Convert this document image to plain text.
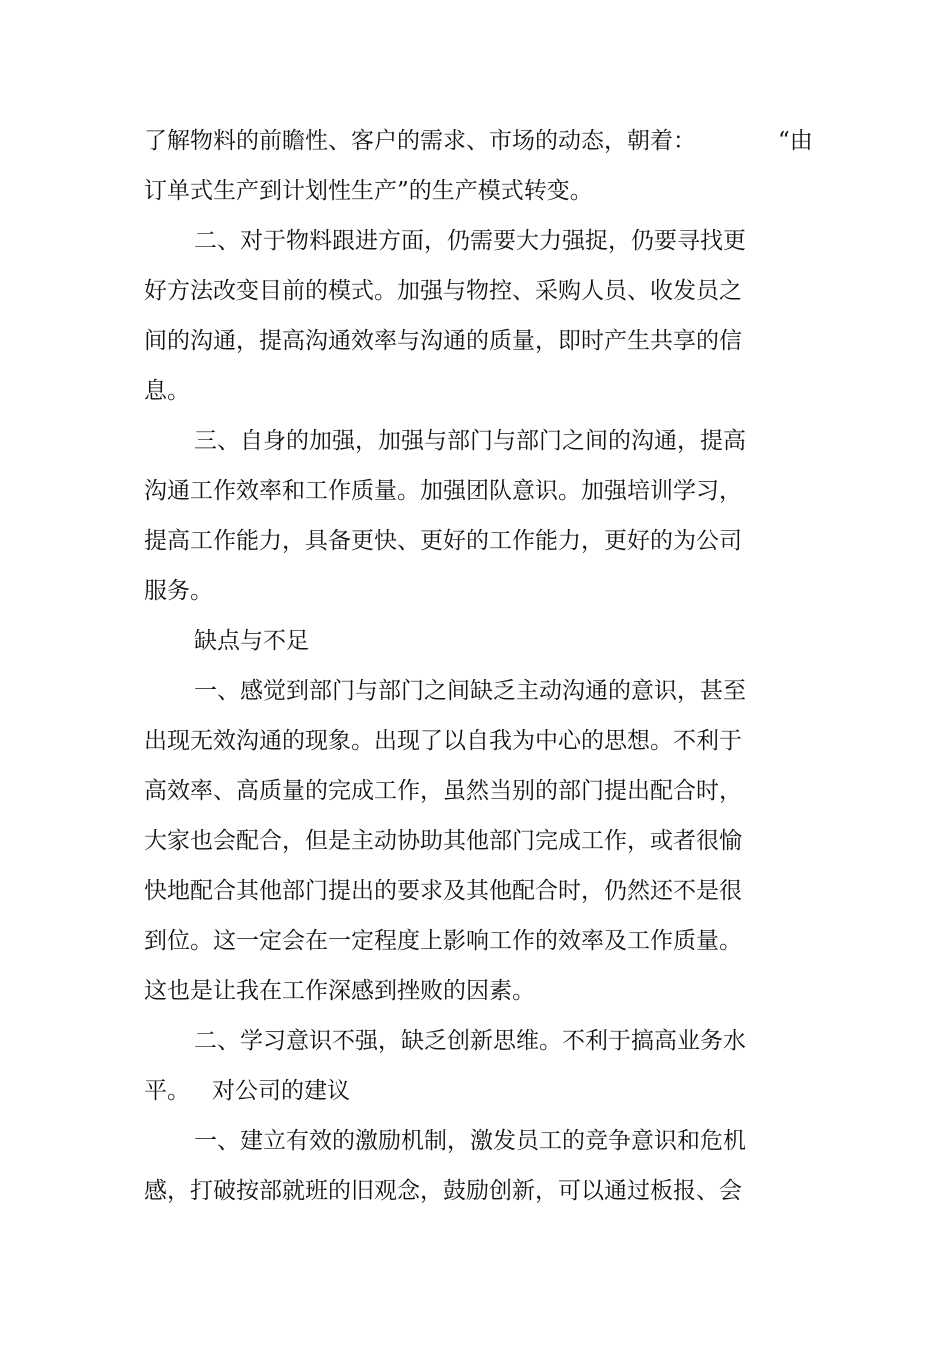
了解物料的前瞻性、客户的需求、市场的动态，朝着：	“由
订单式生产到计划性生产”的生产模式转变。
二、对于物料跟进方面，仍需要大力强捉，仍要寻找更
好方法改变目前的模式。加强与物控、采购人员、收发员之
间的沟通，提高沟通效率与沟通的质量，即时产生共享的信
息。
三、自身的加强，加强与部门与部门之间的沟通，提高
沟通工作效率和工作质量。加强团队意识。加强培训学习，
提高工作能力，具备更快、更好的工作能力，更好的为公司
服务。
缺点与不足
一、感觉到部门与部门之间缺乏主动沟通的意识，甚至
出现无效沟通的现象。出现了以自我为中心的思想。不利于
高效率、高质量的完成工作，虽然当别的部门提出配合时，
大家也会配合，但是主动协助其他部门完成工作，或者很愉
快地配合其他部门提出的要求及其他配合时，仍然还不是很
到位。这一定会在一定程度上影响工作的效率及工作质量。
这也是让我在工作深感到挫败的因素。
二、学习意识不强，缺乏创新思维。不利于搞高业务水
平。 对公司的建议
一、建立有效的激励机制，激发员工的竞争意识和危机
感，打破按部就班的旧观念，鼓励创新，可以通过板报、会
